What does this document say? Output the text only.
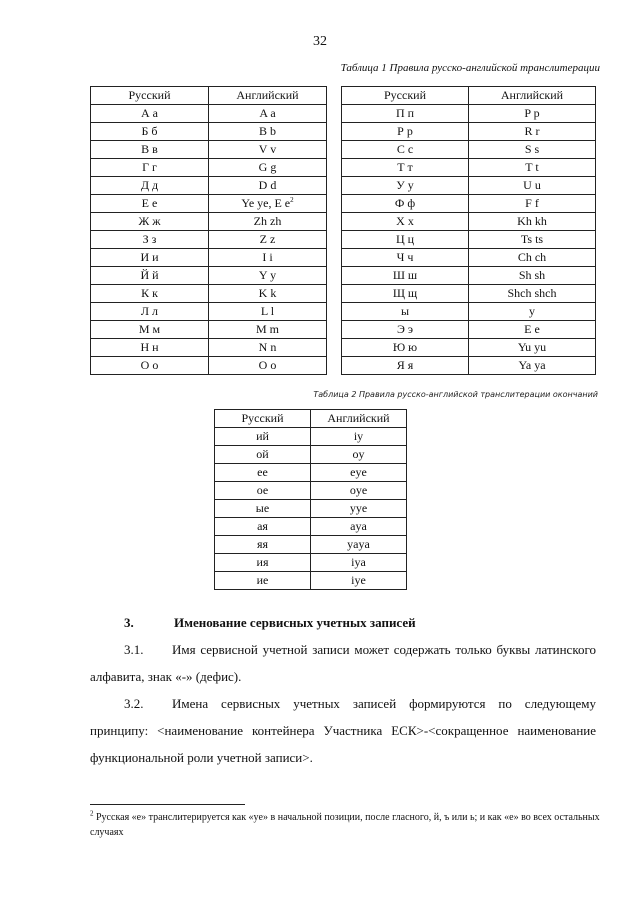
32
Таблица 1 Правила русско-английской транслитерации
Русский	Английский
А а	A a
Б б	B b
В в	V v
Г г	G g
Д д	D d
Е е	Ye ye, E $e^2$
Ж ж	Zh zh
З з	Z z
И и	I i
Й й	Y y
К к	K k
Л л	L l
М м	M m
Н н	N n
О о	O o
Русский	Английский
П п	P p
Р р	R r
С с	S s
Т т	T t
У у	U u
Ф ф	F f
Х х	Kh kh
Ц ц	Ts ts
Ч ч	Ch ch
Ш ш	Sh sh
Щ щ	Shch shch
ы	y
Э э	E e
Ю ю	Yu yu
Я я	Ya ya
Таблица 2 Правила русско-английской транслитерации окончаний
Русский	Английский
ий	iy
ой	oy
ее	eye
ое	oye
ые	yye
ая	aya
яя	yaya
ия	iya
ие	iye
3.	Именование сервисных учетных записей
3.1. Имя сервисной учетной записи может содержать только буквы латинского алфавита, знак «-» (дефис).
3.2. Имена сервисных учетных записей формируются по следующему принципу: <наименование контейнера Участника ЕСК>-<сокращенное наименование функциональной роли учетной записи>.
$^2$ Русская «е» транслитерируется как «ye» в начальной позиции, после гласного, й, ъ или ь; и как «е» во всех остальных случаях
